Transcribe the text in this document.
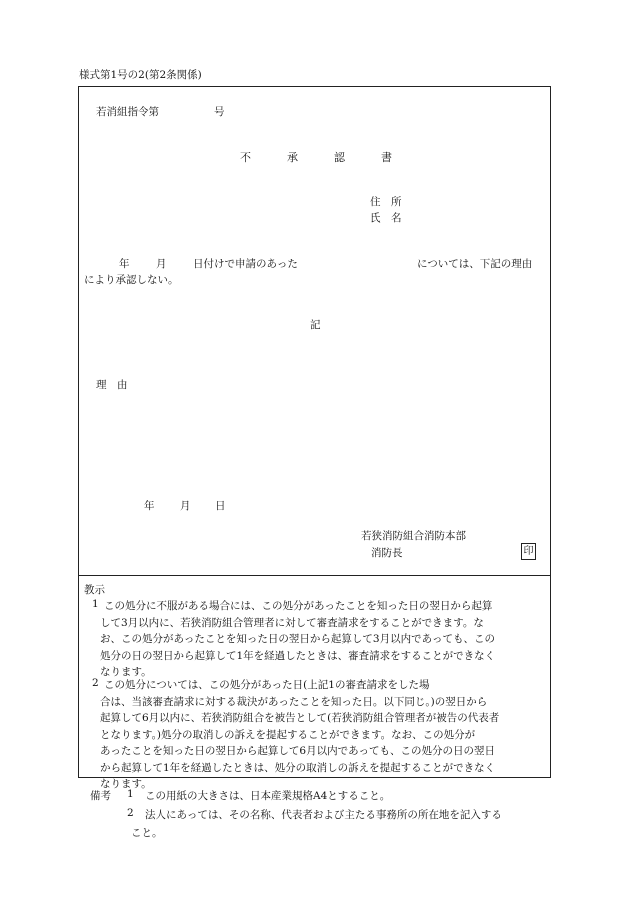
様式第1号の2(第2条関係)
若消組指令第	号
不	承	認	書
住　所
氏　名
年	月	日付けで申請のあった	については、下記の理由
により承認しない。
記
理　由
年 月 日
若狭消防組合消防本部
消防長	印
教示
1 この処分に不服がある場合には、この処分があったことを知った日の翌日から起算
して3月以内に、若狭消防組合管理者に対して審査請求をすることができます。な
お、この処分があったことを知った日の翌日から起算して3月以内であっても、この
処分の日の翌日から起算して1年を経過したときは、審査請求をすることができなく
なります。
2 この処分については、この処分があった日(上記1の審査請求をした場
合は、当該審査請求に対する裁決があったことを知った日。以下同じ。)の翌日から
起算して6月以内に、若狭消防組合を被告として(若狭消防組合管理者が被告の代表者
となります。)処分の取消しの訴えを提起することができます。なお、この処分が
あったことを知った日の翌日から起算して6月以内であっても、この処分の日の翌日
から起算して1年を経過したときは、処分の取消しの訴えを提起することができなく
なります。
備考 1 この用紙の大きさは、日本産業規格A4とすること。
2 法人にあっては、その名称、代表者および主たる事務所の所在地を記入する
こと。
